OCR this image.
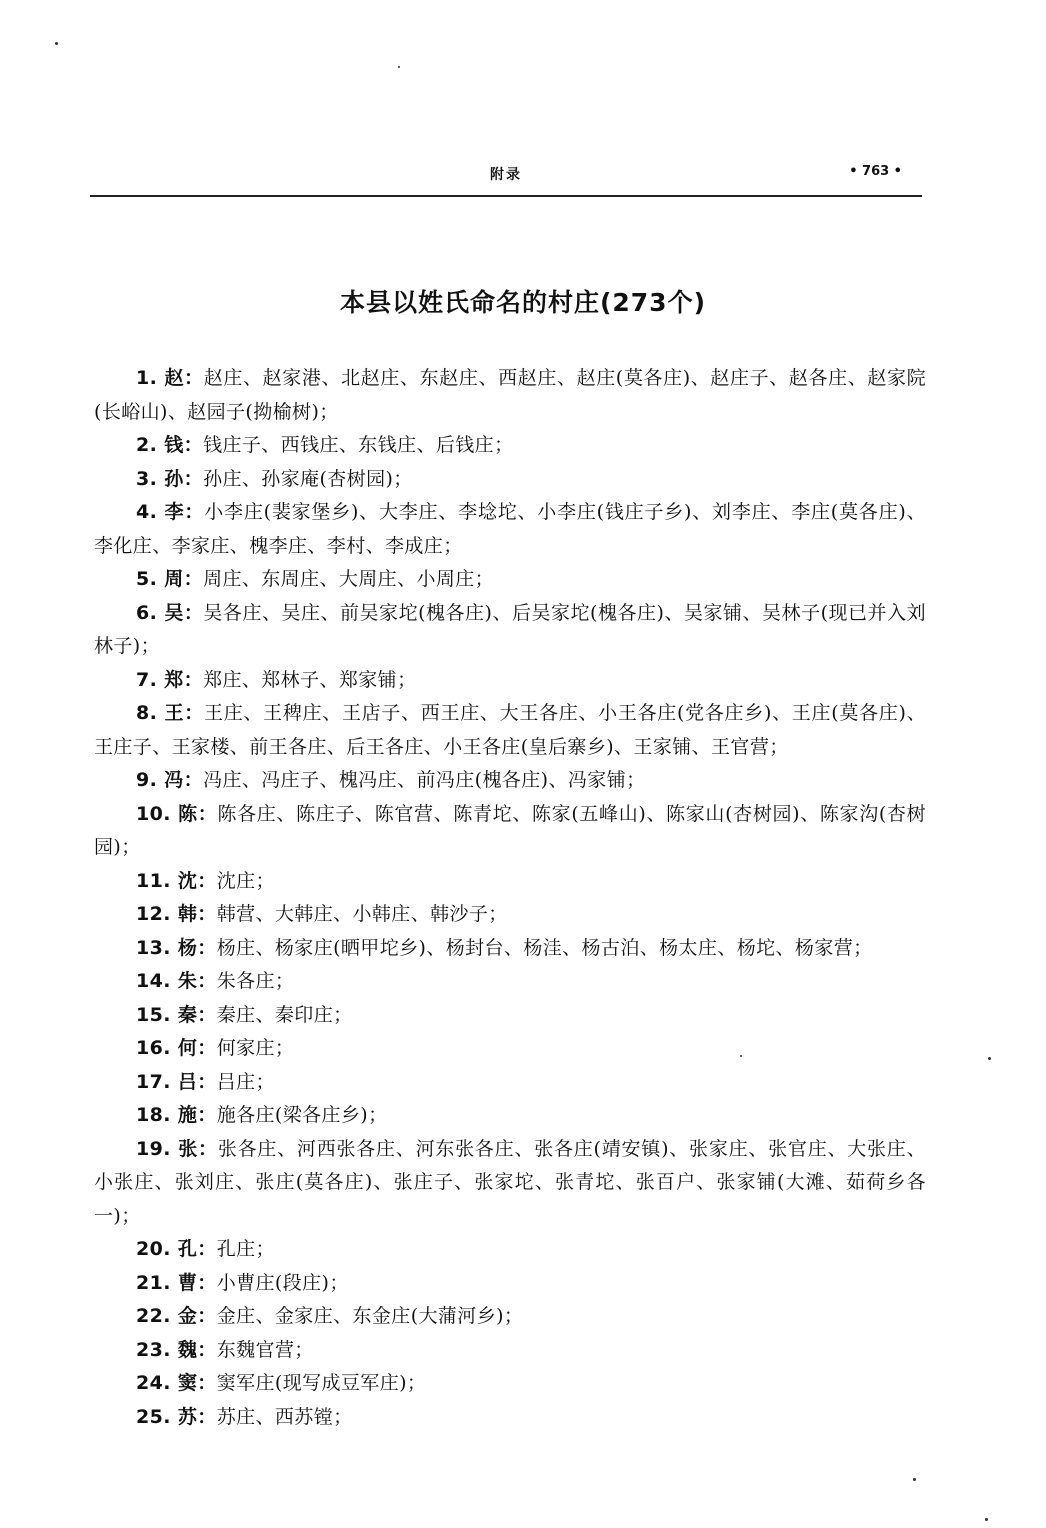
附录	• 763 •
本县以姓氏命名的村庄(273个)

1. 赵：赵庄、赵家港、北赵庄、东赵庄、西赵庄、赵庄(莫各庄)、赵庄子、赵各庄、赵家院(长峪山)、赵园子(拗榆树)；

2. 钱：钱庄子、西钱庄、东钱庄、后钱庄；

3. 孙：孙庄、孙家庵(杏树园)；

4. 李：小李庄(裴家堡乡)、大李庄、李埝坨、小李庄(钱庄子乡)、刘李庄、李庄(莫各庄)、李化庄、李家庄、槐李庄、李村、李成庄；

5. 周：周庄、东周庄、大周庄、小周庄；

6. 吴：吴各庄、吴庄、前吴家坨(槐各庄)、后吴家坨(槐各庄)、吴家铺、吴林子(现已并入刘林子)；

7. 郑：郑庄、郑林子、郑家铺；

8. 王：王庄、王稗庄、王店子、西王庄、大王各庄、小王各庄(党各庄乡)、王庄(莫各庄)、王庄子、王家楼、前王各庄、后王各庄、小王各庄(皇后寨乡)、王家铺、王官营；

9. 冯：冯庄、冯庄子、槐冯庄、前冯庄(槐各庄)、冯家铺；

10. 陈：陈各庄、陈庄子、陈官营、陈青坨、陈家(五峰山)、陈家山(杏树园)、陈家沟(杏树园)；

11. 沈：沈庄；

12. 韩：韩营、大韩庄、小韩庄、韩沙子；

13. 杨：杨庄、杨家庄(晒甲坨乡)、杨封台、杨洼、杨古泊、杨太庄、杨坨、杨家营；

14. 朱：朱各庄；

15. 秦：秦庄、秦印庄；

16. 何：何家庄；

17. 吕：吕庄；

18. 施：施各庄(梁各庄乡)；

19. 张：张各庄、河西张各庄、河东张各庄、张各庄(靖安镇)、张家庄、张官庄、大张庄、小张庄、张刘庄、张庄(莫各庄)、张庄子、张家坨、张青坨、张百户、张家铺(大滩、茹荷乡各一)；

20. 孔：孔庄；

21. 曹：小曹庄(段庄)；

22. 金：金庄、金家庄、东金庄(大蒲河乡)；

23. 魏：东魏官营；

24. 窦：窦军庄(现写成豆军庄)；

25. 苏：苏庄、西苏镗；
